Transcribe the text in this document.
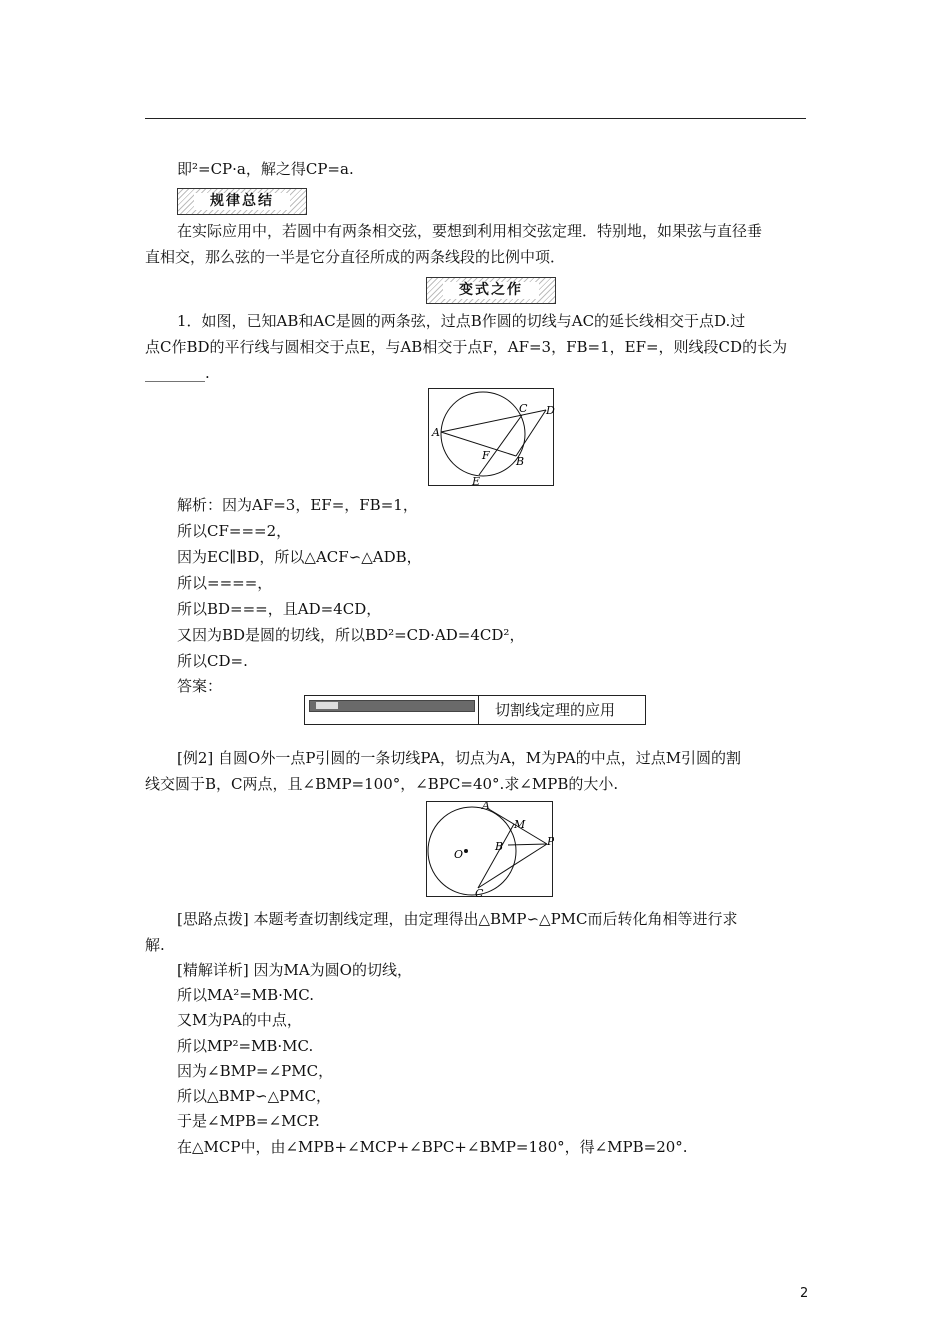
即²=CP·a，解之得CP=a.
规律总结
在实际应用中，若圆中有两条相交弦，要想到利用相交弦定理．特别地，如果弦与直径垂
直相交，那么弦的一半是它分直径所成的两条线段的比例中项．
变式之作
1．如图，已知AB和AC是圆的两条弦，过点B作圆的切线与AC的延长线相交于点D.过
点C作BD的平行线与圆相交于点E，与AB相交于点F，AF=3，FB=1，EF=，则线段CD的长为
________.
A
C D
F B
E
解析：因为AF=3，EF=，FB=1，
所以CF===2，
因为EC∥BD，所以△ACF∽△ADB，
所以====，
所以BD===，且AD=4CD，
又因为BD是圆的切线，所以BD²=CD·AD=4CD²，
所以CD=.
答案：
切割线定理的应用
[例2] 自圆O外一点P引圆的一条切线PA，切点为A，M为PA的中点，过点M引圆的割
线交圆于B，C两点，且∠BMP=100°，∠BPC=40°.求∠MPB的大小.
A
M
B
O
P
C
[思路点拨] 本题考查切割线定理，由定理得出△BMP∽△PMC而后转化角相等进行求
解.
[精解详析] 因为MA为圆O的切线，
所以MA²=MB·MC.
又M为PA的中点，
所以MP²=MB·MC.
因为∠BMP=∠PMC，
所以△BMP∽△PMC，
于是∠MPB=∠MCP.
在△MCP中，由∠MPB+∠MCP+∠BPC+∠BMP=180°，得∠MPB=20°.
2
